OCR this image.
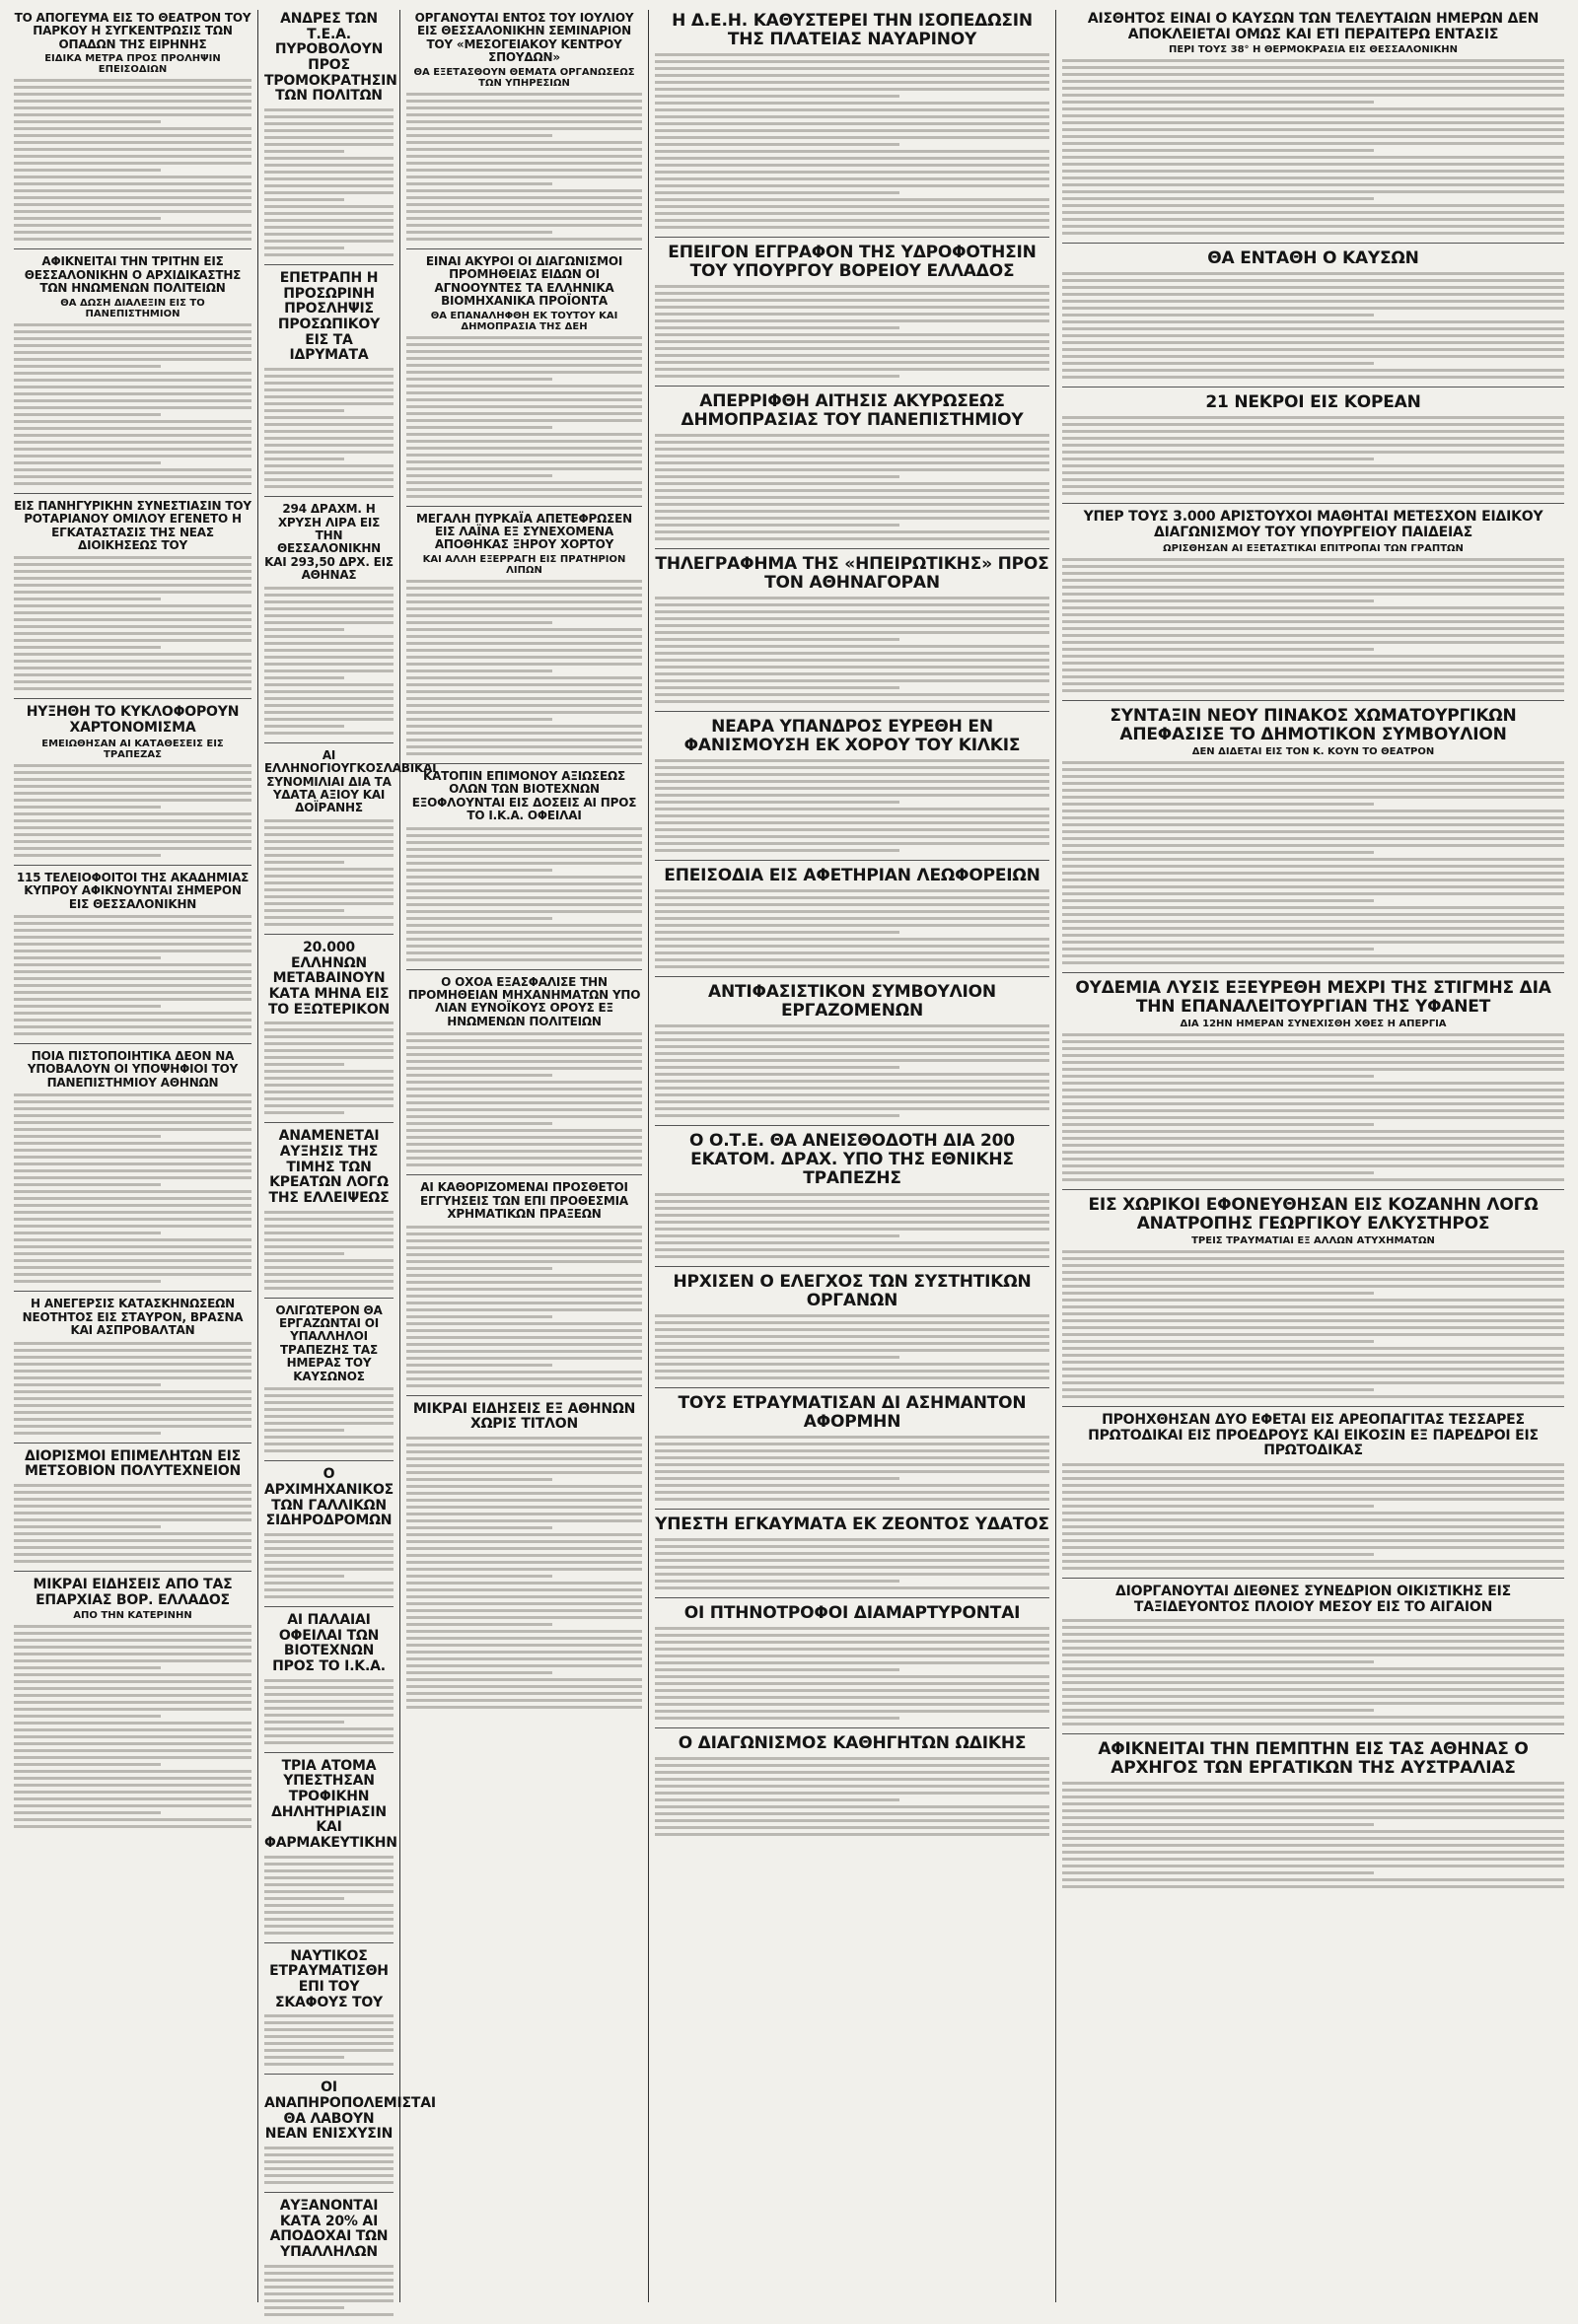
ΤΟ ΑΠΟΓΕΥΜΑ ΕΙΣ ΤΟ ΘΕΑΤΡΟΝ ΤΟΥ ΠΑΡΚΟΥ Η ΣΥΓΚΕΝΤΡΩΣΙΣ ΤΩΝ ΟΠΑΔΩΝ ΤΗΣ ΕΙΡΗΝΗΣ
ΕΙΔΙΚΑ ΜΕΤΡΑ ΠΡΟΣ ΠΡΟΛΗΨΙΝ ΕΠΕΙΣΟΔΙΩΝ
ΑΦΙΚΝΕΙΤΑΙ ΤΗΝ ΤΡΙΤΗΝ ΕΙΣ ΘΕΣΣΑΛΟΝΙΚΗΝ Ο ΑΡΧΙΔΙΚΑΣΤΗΣ ΤΩΝ ΗΝΩΜΕΝΩΝ ΠΟΛΙΤΕΙΩΝ
ΘΑ ΔΩΣΗ ΔΙΑΛΕΞΙΝ ΕΙΣ ΤΟ ΠΑΝΕΠΙΣΤΗΜΙΟΝ
ΕΙΣ ΠΑΝΗΓΥΡΙΚΗΝ ΣΥΝΕΣΤΙΑΣΙΝ ΤΟΥ ΡΟΤΑΡΙΑΝΟΥ ΟΜΙΛΟΥ ΕΓΕΝΕΤΟ Η ΕΓΚΑΤΑΣΤΑΣΙΣ ΤΗΣ ΝΕΑΣ ΔΙΟΙΚΗΣΕΩΣ ΤΟΥ
ΗΥΞΗΘΗ ΤΟ ΚΥΚΛΟΦΟΡΟΥΝ ΧΑΡΤΟΝΟΜΙΣΜΑ
ΕΜΕΙΩΘΗΣΑΝ ΑΙ ΚΑΤΑΘΕΣΕΙΣ ΕΙΣ ΤΡΑΠΕΖΑΣ
115 ΤΕΛΕΙΟΦΟΙΤΟΙ ΤΗΣ ΑΚΑΔΗΜΙΑΣ ΚΥΠΡΟΥ ΑΦΙΚΝΟΥΝΤΑΙ ΣΗΜΕΡΟΝ ΕΙΣ ΘΕΣΣΑΛΟΝΙΚΗΝ
ΠΟΙΑ ΠΙΣΤΟΠΟΙΗΤΙΚΑ ΔΕΟΝ ΝΑ ΥΠΟΒΑΛΟΥΝ ΟΙ ΥΠΟΨΗΦΙΟΙ ΤΟΥ ΠΑΝΕΠΙΣΤΗΜΙΟΥ ΑΘΗΝΩΝ
Η ΑΝΕΓΕΡΣΙΣ ΚΑΤΑΣΚΗΝΩΣΕΩΝ ΝΕΟΤΗΤΟΣ ΕΙΣ ΣΤΑΥΡΟΝ, ΒΡΑΣΝΑ ΚΑΙ ΑΣΠΡΟΒΑΛΤΑΝ
ΔΙΟΡΙΣΜΟΙ ΕΠΙΜΕΛΗΤΩΝ ΕΙΣ ΜΕΤΣΟΒΙΟΝ ΠΟΛΥΤΕΧΝΕΙΟΝ
ΜΙΚΡΑΙ ΕΙΔΗΣΕΙΣ ΑΠΟ ΤΑΣ ΕΠΑΡΧΙΑΣ ΒΟΡ. ΕΛΛΑΔΟΣ
ΑΠΟ ΤΗΝ ΚΑΤΕΡΙΝΗΝ
ΑΝΔΡΕΣ ΤΩΝ Τ.Ε.Α. ΠΥΡΟΒΟΛΟΥΝ ΠΡΟΣ ΤΡΟΜΟΚΡΑΤΗΣΙΝ ΤΩΝ ΠΟΛΙΤΩΝ
ΕΠΕΤΡΑΠΗ Η ΠΡΟΣΩΡΙΝΗ ΠΡΟΣΛΗΨΙΣ ΠΡΟΣΩΠΙΚΟΥ ΕΙΣ ΤΑ ΙΔΡΥΜΑΤΑ
294 ΔΡΑΧΜ. Η ΧΡΥΣΗ ΛΙΡΑ ΕΙΣ ΤΗΝ ΘΕΣΣΑΛΟΝΙΚΗΝ ΚΑΙ 293,50 ΔΡΧ. ΕΙΣ ΑΘΗΝΑΣ
ΑΙ ΕΛΛΗΝΟΓΙΟΥΓΚΟΣΛΑΒΙΚΑΙ ΣΥΝΟΜΙΛΙΑΙ ΔΙΑ ΤΑ ΥΔΑΤΑ ΑΞΙΟΥ ΚΑΙ ΔΟΪΡΑΝΗΣ
20.000 ΕΛΛΗΝΩΝ ΜΕΤΑΒΑΙΝΟΥΝ ΚΑΤΑ ΜΗΝΑ ΕΙΣ ΤΟ ΕΞΩΤΕΡΙΚΟΝ
ΑΝΑΜΕΝΕΤΑΙ ΑΥΞΗΣΙΣ ΤΗΣ ΤΙΜΗΣ ΤΩΝ ΚΡΕΑΤΩΝ ΛΟΓΩ ΤΗΣ ΕΛΛΕΙΨΕΩΣ
ΟΛΙΓΩΤΕΡΟΝ ΘΑ ΕΡΓΑΖΩΝΤΑΙ ΟΙ ΥΠΑΛΛΗΛΟΙ ΤΡΑΠΕΖΗΣ ΤΑΣ ΗΜΕΡΑΣ ΤΟΥ ΚΑΥΣΩΝΟΣ
Ο ΑΡΧΙΜΗΧΑΝΙΚΟΣ ΤΩΝ ΓΑΛΛΙΚΩΝ ΣΙΔΗΡΟΔΡΟΜΩΝ
ΑΙ ΠΑΛΑΙΑΙ ΟΦΕΙΛΑΙ ΤΩΝ ΒΙΟΤΕΧΝΩΝ ΠΡΟΣ ΤΟ Ι.Κ.Α.
ΤΡΙΑ ΑΤΟΜΑ ΥΠΕΣΤΗΣΑΝ ΤΡΟΦΙΚΗΝ ΔΗΛΗΤΗΡΙΑΣΙΝ ΚΑΙ ΦΑΡΜΑΚΕΥΤΙΚΗΝ
ΝΑΥΤΙΚΟΣ ΕΤΡΑΥΜΑΤΙΣΘΗ ΕΠΙ ΤΟΥ ΣΚΑΦΟΥΣ ΤΟΥ
ΟΙ ΑΝΑΠΗΡΟΠΟΛΕΜΙΣΤΑΙ ΘΑ ΛΑΒΟΥΝ ΝΕΑΝ ΕΝΙΣΧΥΣΙΝ
ΑΥΞΑΝΟΝΤΑΙ ΚΑΤΑ 20% ΑΙ ΑΠΟΔΟΧΑΙ ΤΩΝ ΥΠΑΛΛΗΛΩΝ
ΟΡΓΑΝΟΥΤΑΙ ΕΝΤΟΣ ΤΟΥ ΙΟΥΛΙΟΥ ΕΙΣ ΘΕΣΣΑΛΟΝΙΚΗΝ ΣΕΜΙΝΑΡΙΟΝ ΤΟΥ «ΜΕΣΟΓΕΙΑΚΟΥ ΚΕΝΤΡΟΥ ΣΠΟΥΔΩΝ»
ΘΑ ΕΞΕΤΑΣΘΟΥΝ ΘΕΜΑΤΑ ΟΡΓΑΝΩΣΕΩΣ ΤΩΝ ΥΠΗΡΕΣΙΩΝ
ΕΙΝΑΙ ΑΚΥΡΟΙ ΟΙ ΔΙΑΓΩΝΙΣΜΟΙ ΠΡΟΜΗΘΕΙΑΣ ΕΙΔΩΝ ΟΙ ΑΓΝΟΟΥΝΤΕΣ ΤΑ ΕΛΛΗΝΙΚΑ ΒΙΟΜΗΧΑΝΙΚΑ ΠΡΟΪΟΝΤΑ
ΘΑ ΕΠΑΝΑΛΗΦΘΗ ΕΚ ΤΟΥΤΟΥ ΚΑΙ ΔΗΜΟΠΡΑΣΙΑ ΤΗΣ ΔΕΗ
ΜΕΓΑΛΗ ΠΥΡΚΑΪΑ ΑΠΕΤΕΦΡΩΣΕΝ ΕΙΣ ΛΑΪΝΑ ΕΞ ΣΥΝΕΧΟΜΕΝΑ ΑΠΟΘΗΚΑΣ ΞΗΡΟΥ ΧΟΡΤΟΥ
ΚΑΙ ΑΛΛΗ ΕΞΕΡΡΑΓΗ ΕΙΣ ΠΡΑΤΗΡΙΟΝ ΛΙΠΩΝ
ΚΑΤΟΠΙΝ ΕΠΙΜΟΝΟΥ ΑΞΙΩΣΕΩΣ ΟΛΩΝ ΤΩΝ ΒΙΟΤΕΧΝΩΝ ΕΞΟΦΛΟΥΝΤΑΙ ΕΙΣ ΔΟΣΕΙΣ ΑΙ ΠΡΟΣ ΤΟ Ι.Κ.Α. ΟΦΕΙΛΑΙ
Ο ΟΧΟΑ ΕΞΑΣΦΑΛΙΣΕ ΤΗΝ ΠΡΟΜΗΘΕΙΑΝ ΜΗΧΑΝΗΜΑΤΩΝ ΥΠΟ ΛΙΑΝ ΕΥΝΟΪΚΟΥΣ ΟΡΟΥΣ ΕΞ ΗΝΩΜΕΝΩΝ ΠΟΛΙΤΕΙΩΝ
ΑΙ ΚΑΘΟΡΙΖΟΜΕΝΑΙ ΠΡΟΣΘΕΤΟΙ ΕΓΓΥΗΣΕΙΣ ΤΩΝ ΕΠΙ ΠΡΟΘΕΣΜΙΑ ΧΡΗΜΑΤΙΚΩΝ ΠΡΑΞΕΩΝ
ΜΙΚΡΑΙ ΕΙΔΗΣΕΙΣ ΕΞ ΑΘΗΝΩΝ ΧΩΡΙΣ ΤΙΤΛΟΝ
Η Δ.Ε.Η. ΚΑΘΥΣΤΕΡΕΙ ΤΗΝ ΙΣΟΠΕΔΩΣΙΝ ΤΗΣ ΠΛΑΤΕΙΑΣ ΝΑΥΑΡΙΝΟΥ
ΕΠΕΙΓΟΝ ΕΓΓΡΑΦΟΝ ΤΗΣ ΥΔΡΟΦΟΤΗΣΙΝ ΤΟΥ ΥΠΟΥΡΓΟΥ ΒΟΡΕΙΟΥ ΕΛΛΑΔΟΣ
ΑΠΕΡΡΙΦΘΗ ΑΙΤΗΣΙΣ ΑΚΥΡΩΣΕΩΣ ΔΗΜΟΠΡΑΣΙΑΣ ΤΟΥ ΠΑΝΕΠΙΣΤΗΜΙΟΥ
ΤΗΛΕΓΡΑΦΗΜΑ ΤΗΣ «ΗΠΕΙΡΩΤΙΚΗΣ» ΠΡΟΣ ΤΟΝ ΑΘΗΝΑΓΟΡΑΝ
ΝΕΑΡΑ ΥΠΑΝΔΡΟΣ ΕΥΡΕΘΗ ΕΝ ΦΑΝΙΣΜΟΥΣΗ ΕΚ ΧΟΡΟΥ ΤΟΥ ΚΙΛΚΙΣ
ΕΠΕΙΣΟΔΙΑ ΕΙΣ ΑΦΕΤΗΡΙΑΝ ΛΕΩΦΟΡΕΙΩΝ
ΑΝΤΙΦΑΣΙΣΤΙΚΟΝ ΣΥΜΒΟΥΛΙΟΝ ΕΡΓΑΖΟΜΕΝΩΝ
Ο Ο.Τ.Ε. ΘΑ ΑΝΕΙΣΘΟΔΟΤΗ ΔΙΑ 200 ΕΚΑΤΟΜ. ΔΡΑΧ. ΥΠΟ ΤΗΣ ΕΘΝΙΚΗΣ ΤΡΑΠΕΖΗΣ
ΗΡΧΙΣΕΝ Ο ΕΛΕΓΧΟΣ ΤΩΝ ΣΥΣΤΗΤΙΚΩΝ ΟΡΓΑΝΩΝ
ΤΟΥΣ ΕΤΡΑΥΜΑΤΙΣΑΝ ΔΙ ΑΣΗΜΑΝΤΟΝ ΑΦΟΡΜΗΝ
ΥΠΕΣΤΗ ΕΓΚΑΥΜΑΤΑ ΕΚ ΖΕΟΝΤΟΣ ΥΔΑΤΟΣ
ΟΙ ΠΤΗΝΟΤΡΟΦΟΙ ΔΙΑΜΑΡΤΥΡΟΝΤΑΙ
Ο ΔΙΑΓΩΝΙΣΜΟΣ ΚΑΘΗΓΗΤΩΝ ΩΔΙΚΗΣ
ΑΙΣΘΗΤΟΣ ΕΙΝΑΙ Ο ΚΑΥΣΩΝ ΤΩΝ ΤΕΛΕΥΤΑΙΩΝ ΗΜΕΡΩΝ ΔΕΝ ΑΠΟΚΛΕΙΕΤΑΙ ΟΜΩΣ ΚΑΙ ΕΤΙ ΠΕΡΑΙΤΕΡΩ ΕΝΤΑΣΙΣ
ΠΕΡΙ ΤΟΥΣ 38° Η ΘΕΡΜΟΚΡΑΣΙΑ ΕΙΣ ΘΕΣΣΑΛΟΝΙΚΗΝ
ΘΑ ΕΝΤΑΘΗ Ο ΚΑΥΣΩΝ
21 ΝΕΚΡΟΙ ΕΙΣ ΚΟΡΕΑΝ
ΥΠΕΡ ΤΟΥΣ 3.000 ΑΡΙΣΤΟΥΧΟΙ ΜΑΘΗΤΑΙ ΜΕΤΕΣΧΟΝ ΕΙΔΙΚΟΥ ΔΙΑΓΩΝΙΣΜΟΥ ΤΟΥ ΥΠΟΥΡΓΕΙΟΥ ΠΑΙΔΕΙΑΣ
ΩΡΙΣΘΗΣΑΝ ΑΙ ΕΞΕΤΑΣΤΙΚΑΙ ΕΠΙΤΡΟΠΑΙ ΤΩΝ ΓΡΑΠΤΩΝ
ΣΥΝΤΑΞΙΝ ΝΕΟΥ ΠΙΝΑΚΟΣ ΧΩΜΑΤΟΥΡΓΙΚΩΝ ΑΠΕΦΑΣΙΣΕ ΤΟ ΔΗΜΟΤΙΚΟΝ ΣΥΜΒΟΥΛΙΟΝ
ΔΕΝ ΔΙΔΕΤΑΙ ΕΙΣ ΤΟΝ Κ. ΚΟΥΝ ΤΟ ΘΕΑΤΡΟΝ
ΟΥΔΕΜΙΑ ΛΥΣΙΣ ΕΞΕΥΡΕΘΗ ΜΕΧΡΙ ΤΗΣ ΣΤΙΓΜΗΣ ΔΙΑ ΤΗΝ ΕΠΑΝΑΛΕΙΤΟΥΡΓΙΑΝ ΤΗΣ ΥΦΑΝΕΤ
ΔΙΑ 12ΗΝ ΗΜΕΡΑΝ ΣΥΝΕΧΙΣΘΗ ΧΘΕΣ Η ΑΠΕΡΓΙΑ
ΕΙΣ ΧΩΡΙΚΟΙ ΕΦΟΝΕΥΘΗΣΑΝ ΕΙΣ ΚΟΖΑΝΗΝ ΛΟΓΩ ΑΝΑΤΡΟΠΗΣ ΓΕΩΡΓΙΚΟΥ ΕΛΚΥΣΤΗΡΟΣ
ΤΡΕΙΣ ΤΡΑΥΜΑΤΙΑΙ ΕΞ ΑΛΛΩΝ ΑΤΥΧΗΜΑΤΩΝ
ΠΡΟΗΧΘΗΣΑΝ ΔΥΟ ΕΦΕΤΑΙ ΕΙΣ ΑΡΕΟΠΑΓΙΤΑΣ ΤΕΣΣΑΡΕΣ ΠΡΩΤΟΔΙΚΑΙ ΕΙΣ ΠΡΟΕΔΡΟΥΣ ΚΑΙ ΕΙΚΟΣΙΝ ΕΞ ΠΑΡΕΔΡΟΙ ΕΙΣ ΠΡΩΤΟΔΙΚΑΣ
ΔΙΟΡΓΑΝΟΥΤΑΙ ΔΙΕΘΝΕΣ ΣΥΝΕΔΡΙΟΝ ΟΙΚΙΣΤΙΚΗΣ ΕΙΣ ΤΑΞΙΔΕΥΟΝΤΟΣ ΠΛΟΙΟΥ ΜΕΣΟΥ ΕΙΣ ΤΟ ΑΙΓΑΙΟΝ
ΑΦΙΚΝΕΙΤΑΙ ΤΗΝ ΠΕΜΠΤΗΝ ΕΙΣ ΤΑΣ ΑΘΗΝΑΣ Ο ΑΡΧΗΓΟΣ ΤΩΝ ΕΡΓΑΤΙΚΩΝ ΤΗΣ ΑΥΣΤΡΑΛΙΑΣ
